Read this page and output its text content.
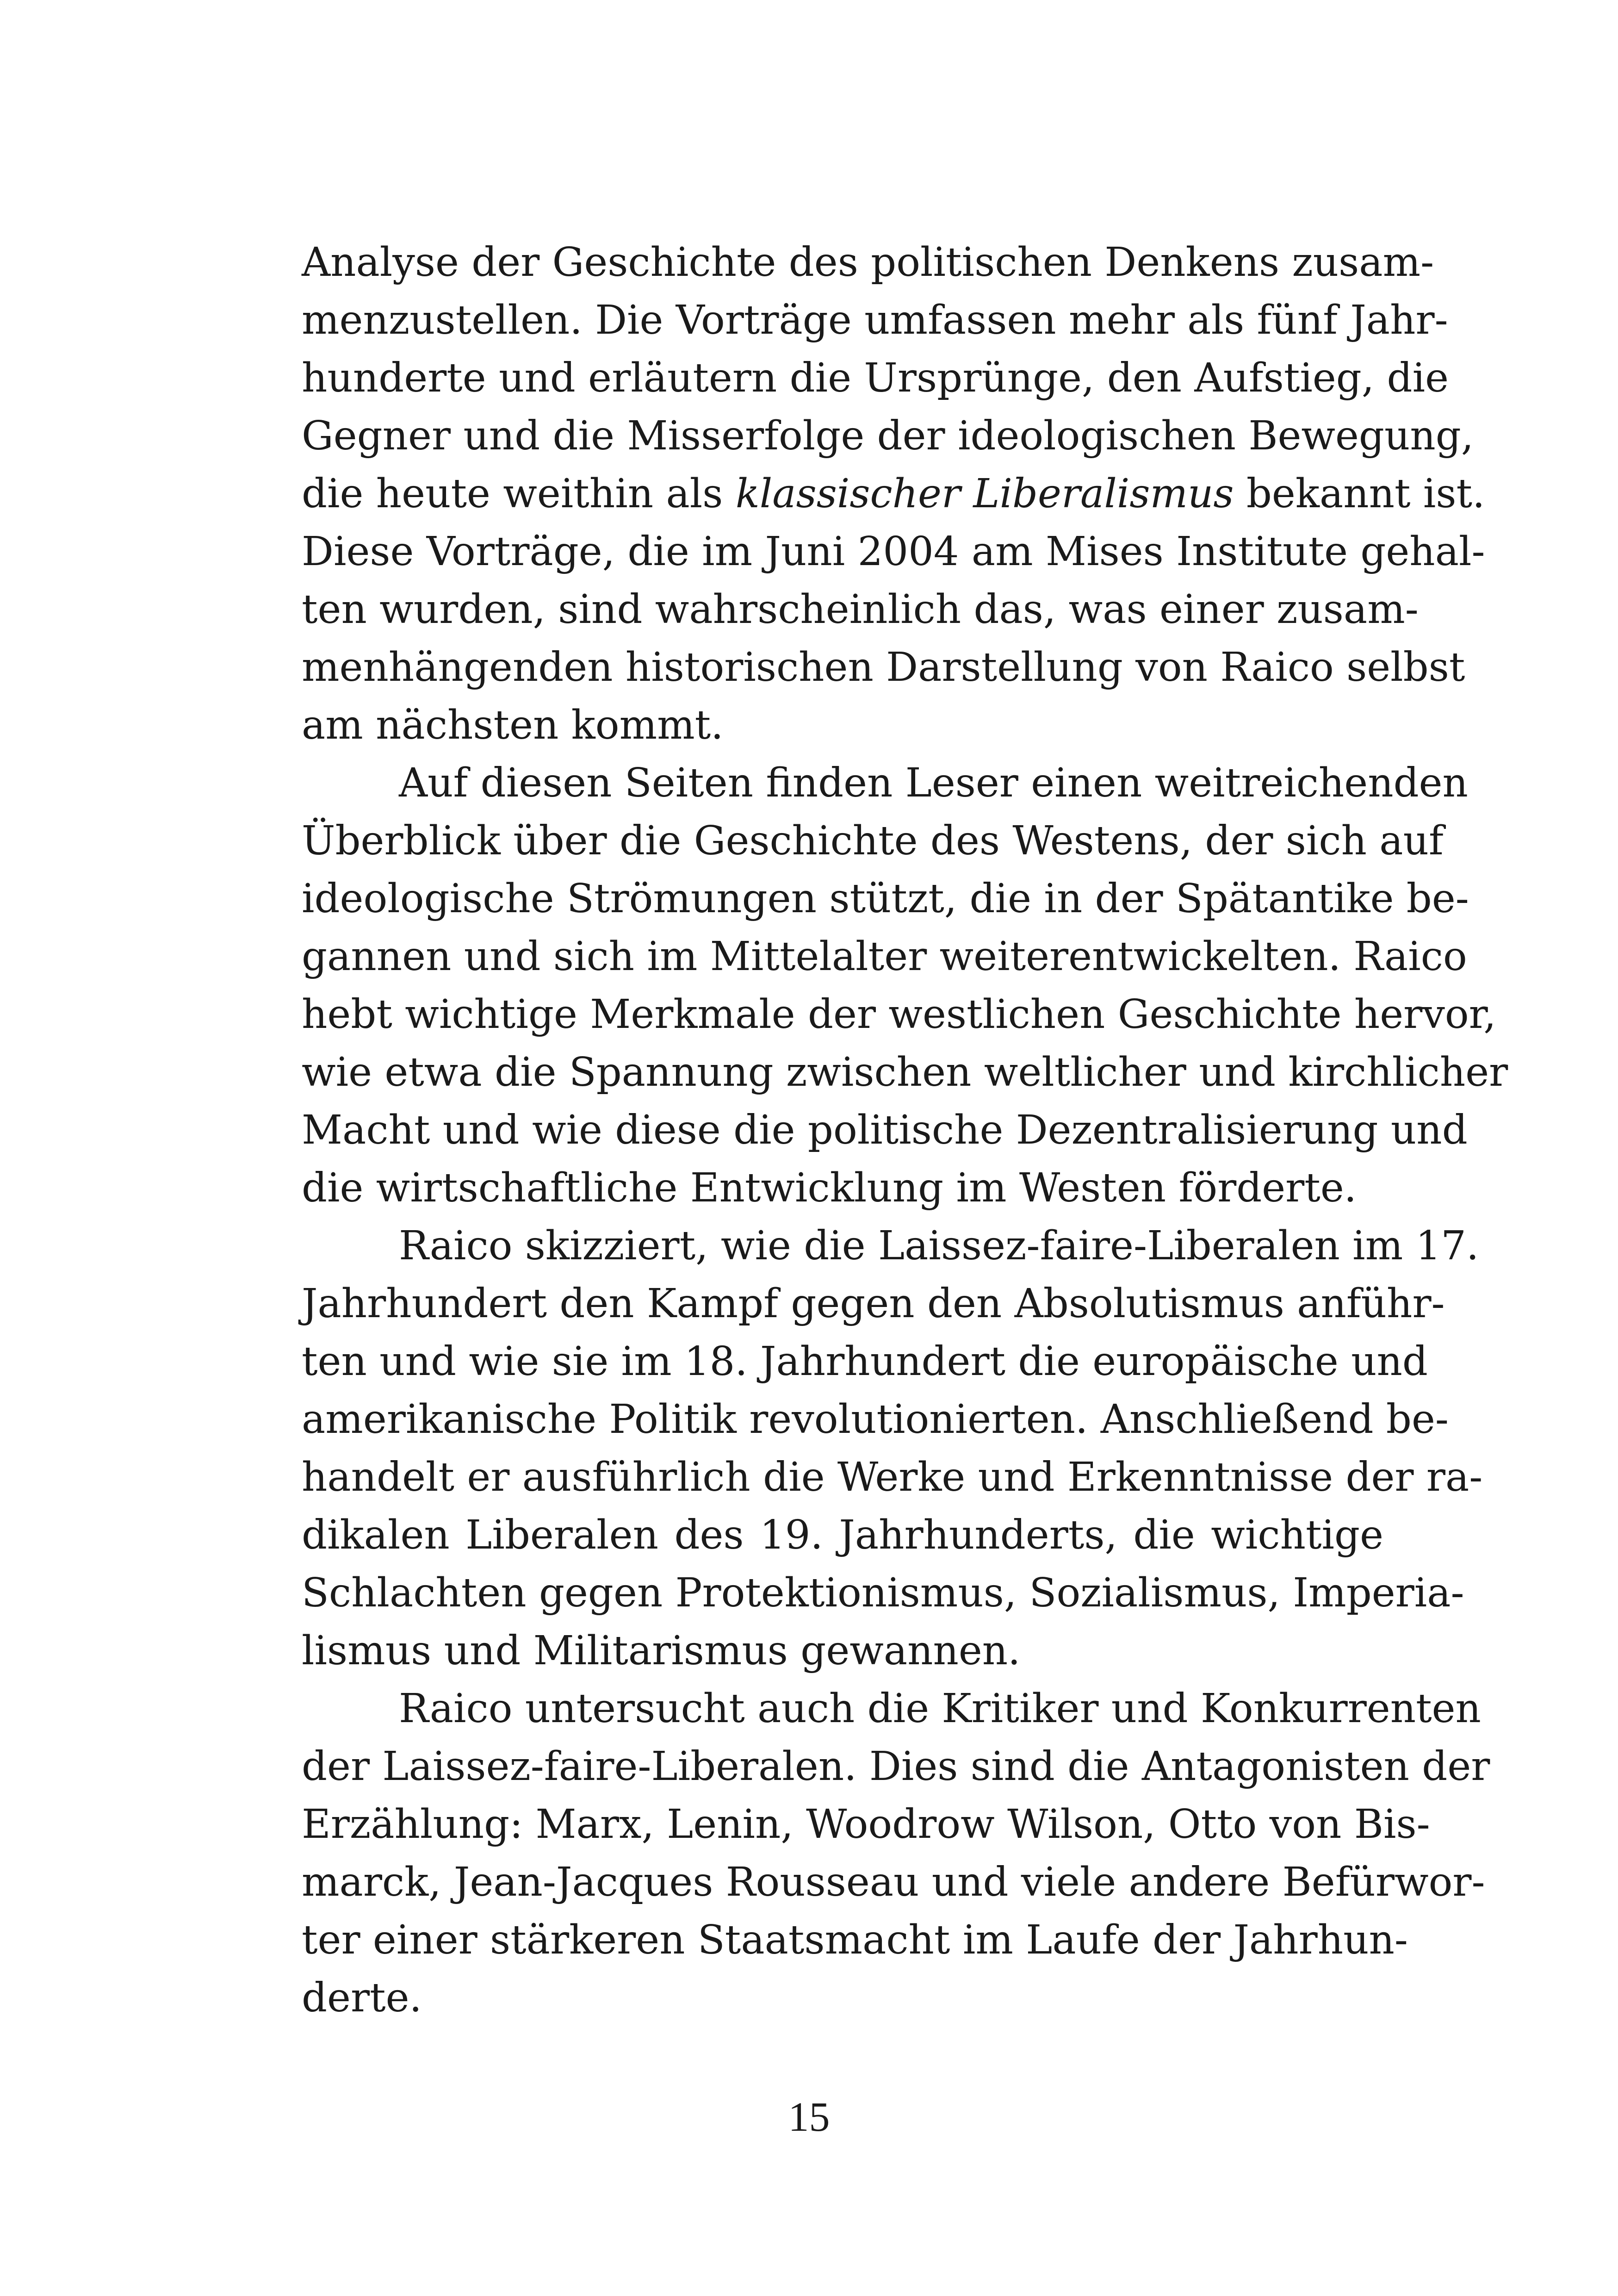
Analyse der Geschichte des politischen Denkens zusam-
menzustellen. Die Vorträge umfassen mehr als fünf Jahr-
hunderte und erläutern die Ursprünge, den Aufstieg, die
Gegner und die Misserfolge der ideologischen Bewegung,
die heute weithin als klassischer Liberalismus bekannt ist.
Diese Vorträge, die im Juni 2004 am Mises Institute gehal-
ten wurden, sind wahrscheinlich das, was einer zusam-
menhängenden historischen Darstellung von Raico selbst
am nächsten kommt.
Auf diesen Seiten finden Leser einen weitreichenden
Überblick über die Geschichte des Westens, der sich auf
ideologische Strömungen stützt, die in der Spätantike be-
gannen und sich im Mittelalter weiterentwickelten. Raico
hebt wichtige Merkmale der westlichen Geschichte hervor,
wie etwa die Spannung zwischen weltlicher und kirchlicher
Macht und wie diese die politische Dezentralisierung und
die wirtschaftliche Entwicklung im Westen förderte.
Raico skizziert, wie die Laissez-faire-Liberalen im 17.
Jahrhundert den Kampf gegen den Absolutismus anführ-
ten und wie sie im 18. Jahrhundert die europäische und
amerikanische Politik revolutionierten. Anschließend be-
handelt er ausführlich die Werke und Erkenntnisse der ra-
dikalen Liberalen des 19. Jahrhunderts, die wichtige
Schlachten gegen Protektionismus, Sozialismus, Imperia-
lismus und Militarismus gewannen.
Raico untersucht auch die Kritiker und Konkurrenten
der Laissez-faire-Liberalen. Dies sind die Antagonisten der
Erzählung: Marx, Lenin, Woodrow Wilson, Otto von Bis-
marck, Jean-Jacques Rousseau und viele andere Befürwor-
ter einer stärkeren Staatsmacht im Laufe der Jahrhun-
derte.
15
